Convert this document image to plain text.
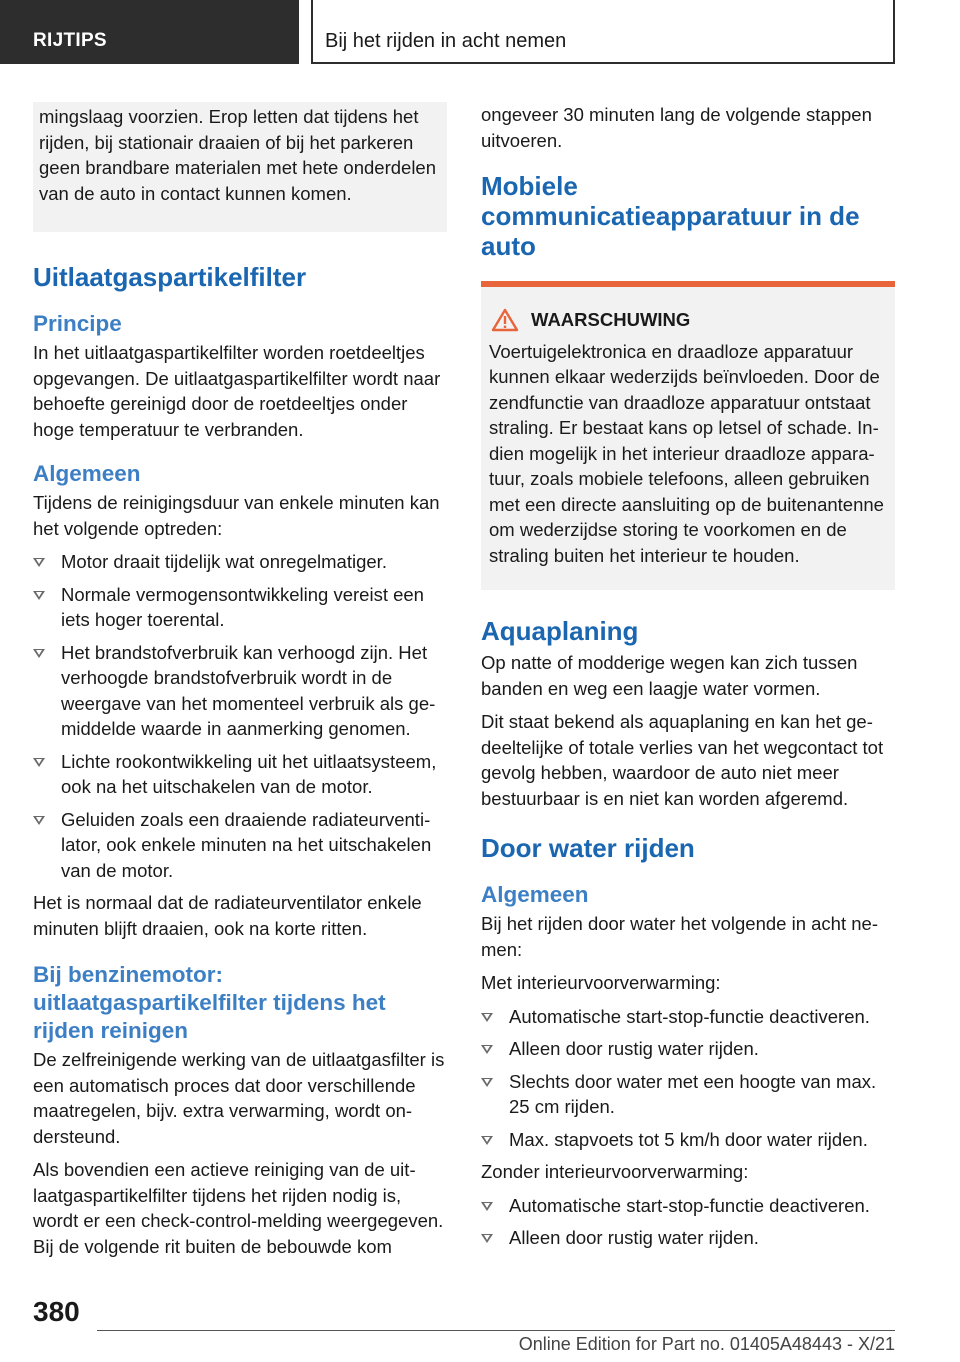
RIJTIPS	Bij het rijden in acht nemen

mingslaag voorzien. Erop letten dat tijdens het rijden, bij stationair draaien of bij het parkeren geen brandbare materialen met hete onderdelen van de auto in contact kunnen komen.

Uitlaatgaspartikelfilter
Principe

In het uitlaatgaspartikelfilter worden roetdeeltjes opgevangen. De uitlaatgaspartikelfilter wordt naar behoefte gereinigd door de roetdeeltjes onder hoge temperatuur te verbranden.

Algemeen

Tijdens de reinigingsduur van enkele minuten kan het volgende optreden:

Motor draait tijdelijk wat onregelmatiger.
Normale vermogensontwikkeling vereist een iets hoger toerental.
Het brandstofverbruik kan verhoogd zijn. Het verhoogde brandstofverbruik wordt in de weergave van het momenteel verbruik als gemiddelde waarde in aanmerking genomen.
Lichte rookontwikkeling uit het uitlaatsysteem, ook na het uitschakelen van de motor.
Geluiden zoals een draaiende radiateurventilator, ook enkele minuten na het uitschakelen van de motor.

Het is normaal dat de radiateurventilator enkele minuten blijft draaien, ook na korte ritten.

Bij benzinemotor: uitlaatgaspartikelfilter tijdens het rijden reinigen

De zelfreinigende werking van de uitlaatgasfilter is een automatisch proces dat door verschillende maatregelen, bijv. extra verwarming, wordt ondersteund.

Als bovendien een actieve reiniging van de uitlaatgaspartikelfilter tijdens het rijden nodig is, wordt er een check-control-melding weergegeven. Bij de volgende rit buiten de bebouwde kom

ongeveer 30 minuten lang de volgende stappen uitvoeren.

Mobiele communicatieapparatuur in de auto
WAARSCHUWING

Voertuigelektronica en draadloze apparatuur kunnen elkaar wederzijds beïnvloeden. Door de zendfunctie van draadloze apparatuur ontstaat straling. Er bestaat kans op letsel of schade. Indien mogelijk in het interieur draadloze apparatuur, zoals mobiele telefoons, alleen gebruiken met een directe aansluiting op de buitenantenne om wederzijdse storing te voorkomen en de straling buiten het interieur te houden.

Aquaplaning

Op natte of modderige wegen kan zich tussen banden en weg een laagje water vormen.

Dit staat bekend als aquaplaning en kan het gedeeltelijke of totale verlies van het wegcontact tot gevolg hebben, waardoor de auto niet meer bestuurbaar is en niet kan worden afgeremd.

Door water rijden
Algemeen

Bij het rijden door water het volgende in acht nemen:

Met interieurvoorverwarming:

Automatische start-stop-functie deactiveren.
Alleen door rustig water rijden.
Slechts door water met een hoogte van max. 25 cm rijden.
Max. stapvoets tot 5 km/h door water rijden.

Zonder interieurvoorverwarming:

Automatische start-stop-functie deactiveren.
Alleen door rustig water rijden.
380
Online Edition for Part no. 01405A48443 - X/21
